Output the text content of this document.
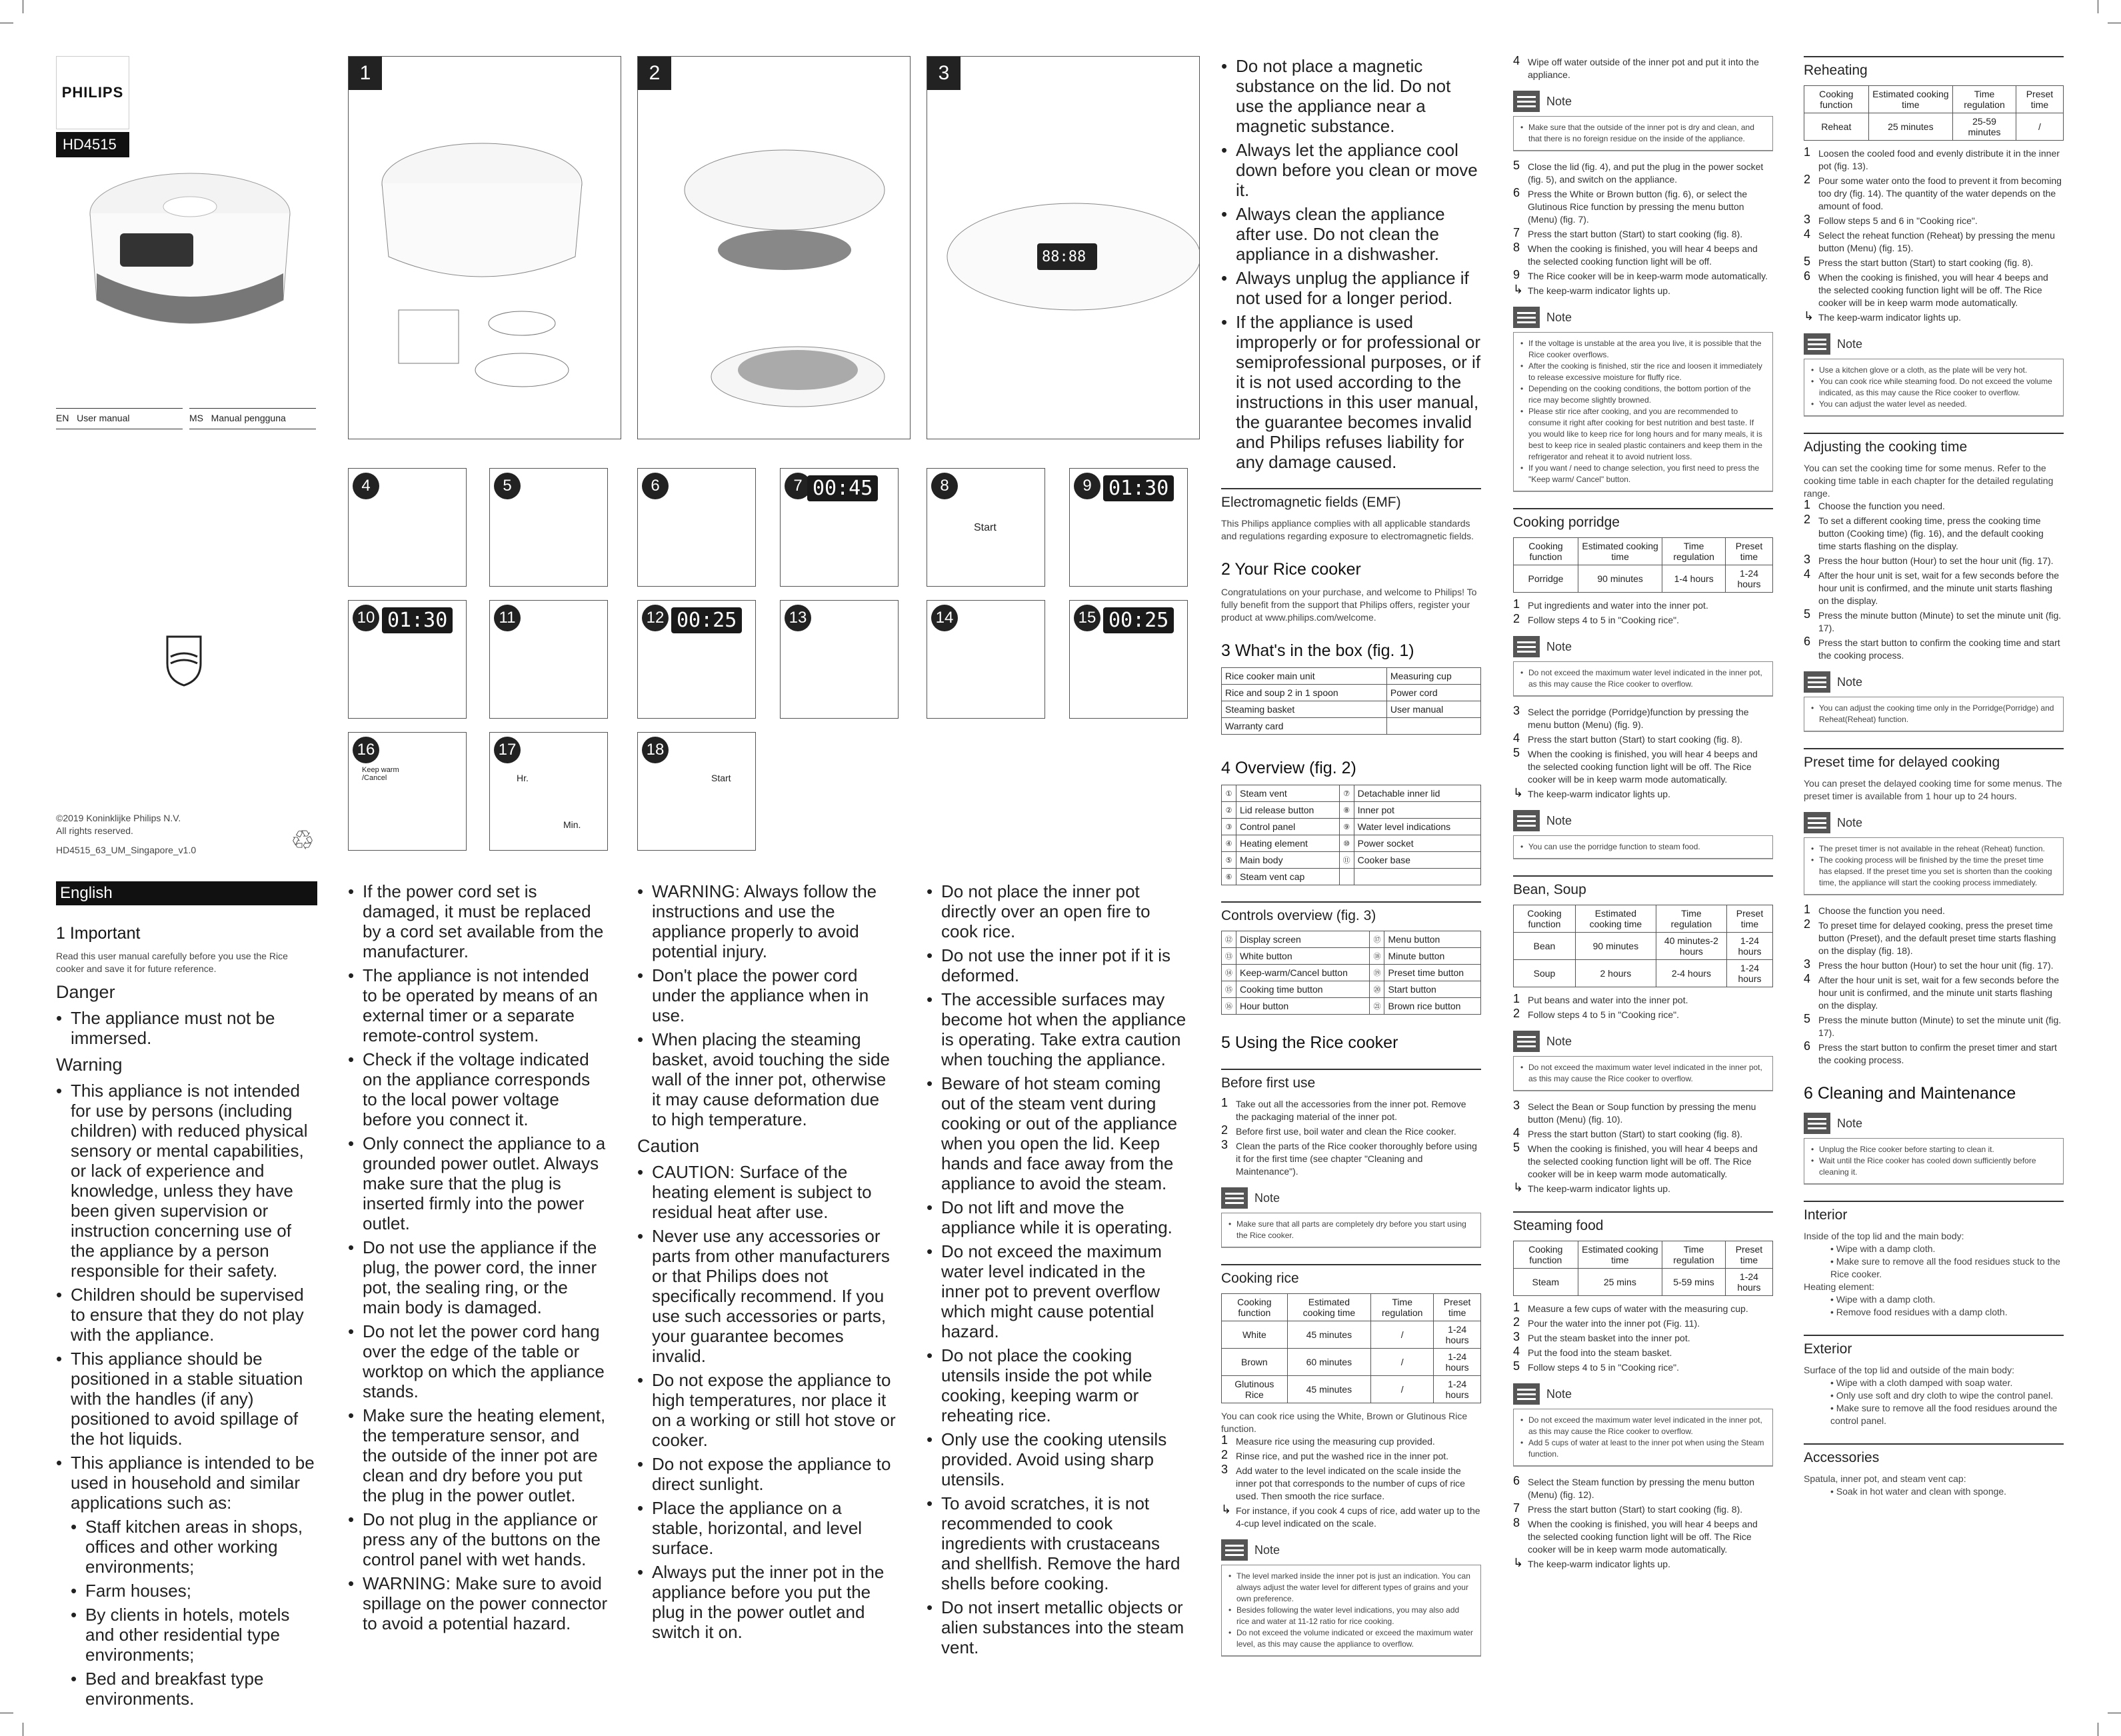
PHILIPS
HD4515
EN User manual	MS Manual pengguna
©2019 Koninklijke Philips N.V.
All rights reserved.
HD4515_63_UM_Singapore_v1.0	♲
1	2	3
88:88
4	5	6	7 00:45	8
Start
9 01:30
10 01:30	11	12 00:25	13	14	15 00:25
16
Keep warm /Cancel
17
Hr.
Min.
18
Start
English
1 Important
Read this user manual carefully before you use the Rice cooker and save it for future reference.
Danger
• The appliance must not be immersed.
Warning
• This appliance is not intended for use by persons (including children) with reduced physical sensory or mental capabilities, or lack of experience and knowledge, unless they have been given supervision or instruction concerning use of the appliance by a person responsible for their safety.
• Children should be supervised to ensure that they do not play with the appliance.
• This appliance should be positioned in a stable situation with the handles (if any) positioned to avoid spillage of the hot liquids.
• This appliance is intended to be used in household and similar applications such as:
• Staff kitchen areas in shops, offices and other working environments;
• Farm houses;
• By clients in hotels, motels and other residential type environments;
• Bed and breakfast type environments.
• If the power cord set is damaged, it must be replaced by a cord set available from the manufacturer.
• The appliance is not intended to be operated by means of an external timer or a separate remote-control system.
• Check if the voltage indicated on the appliance corresponds to the local power voltage before you connect it.
• Only connect the appliance to a grounded power outlet. Always make sure that the plug is inserted firmly into the power outlet.
• Do not use the appliance if the plug, the power cord, the inner pot, the sealing ring, or the main body is damaged.
• Do not let the power cord hang over the edge of the table or worktop on which the appliance stands.
• Make sure the heating element, the temperature sensor, and the outside of the inner pot are clean and dry before you put the plug in the power outlet.
• Do not plug in the appliance or press any of the buttons on the control panel with wet hands.
• WARNING: Make sure to avoid spillage on the power connector to avoid a potential hazard.
• WARNING: Always follow the instructions and use the appliance properly to avoid potential injury.
• Don't place the power cord under the appliance when in use.
• When placing the steaming basket, avoid touching the side wall of the inner pot, otherwise it may cause deformation due to high temperature.
Caution
• CAUTION: Surface of the heating element is subject to residual heat after use.
• Never use any accessories or parts from other manufacturers or that Philips does not specifically recommend. If you use such accessories or parts, your guarantee becomes invalid.
• Do not expose the appliance to high temperatures, nor place it on a working or still hot stove or cooker.
• Do not expose the appliance to direct sunlight.
• Place the appliance on a stable, horizontal, and level surface.
• Always put the inner pot in the appliance before you put the plug in the power outlet and switch it on.
• Do not place the inner pot directly over an open fire to cook rice.
• Do not use the inner pot if it is deformed.
• The accessible surfaces may become hot when the appliance is operating. Take extra caution when touching the appliance.
• Beware of hot steam coming out of the steam vent during cooking or out of the appliance when you open the lid. Keep hands and face away from the appliance to avoid the steam.
• Do not lift and move the appliance while it is operating.
• Do not exceed the maximum water level indicated in the inner pot to prevent overflow which might cause potential hazard.
• Do not place the cooking utensils inside the pot while cooking, keeping warm or reheating rice.
• Only use the cooking utensils provided. Avoid using sharp utensils.
• To avoid scratches, it is not recommended to cook ingredients with crustaceans and shellfish. Remove the hard shells before cooking.
• Do not insert metallic objects or alien substances into the steam vent.
• Do not place a magnetic substance on the lid. Do not use the appliance near a magnetic substance.
• Always let the appliance cool down before you clean or move it.
• Always clean the appliance after use. Do not clean the appliance in a dishwasher.
• Always unplug the appliance if not used for a longer period.
• If the appliance is used improperly or for professional or semiprofessional purposes, or if it is not used according to the instructions in this user manual, the guarantee becomes invalid and Philips refuses liability for any damage caused.
Electromagnetic fields (EMF)
This Philips appliance complies with all applicable standards and regulations regarding exposure to electromagnetic fields.
2 Your Rice cooker
Congratulations on your purchase, and welcome to Philips! To fully benefit from the support that Philips offers, register your product at www.philips.com/welcome.
3 What's in the box (fig. 1)
Rice cooker main unit	Measuring cup
Rice and soup 2 in 1 spoon	Power cord
Steaming basket	User manual
Warranty card	
4 Overview (fig. 2)
①	Steam vent	⑦	Detachable inner lid
②	Lid release button	⑧	Inner pot
③	Control panel	⑨	Water level indications
④	Heating element	⑩	Power socket
⑤	Main body	⑪	Cooker base
⑥	Steam vent cap		
Controls overview (fig. 3)
⑫	Display screen	⑰	Menu button
⑬	White button	⑱	Minute button
⑭	Keep-warm/Cancel button	⑲	Preset time button
⑮	Cooking time button	⑳	Start button
⑯	Hour button	㉑	Brown rice button
5 Using the Rice cooker
Before first use
1 Take out all the accessories from the inner pot. Remove the packaging material of the inner pot.
2 Before first use, boil water and clean the Rice cooker.
3 Clean the parts of the Rice cooker thoroughly before using it for the first time (see chapter "Cleaning and Maintenance").
Note
• Make sure that all parts are completely dry before you start using the Rice cooker.
Cooking rice
Cooking function	Estimated cooking time	Time regulation	Preset time
White	45 minutes	/	1-24 hours
Brown	60 minutes	/	1-24 hours
Glutinous Rice	45 minutes	/	1-24 hours
You can cook rice using the White, Brown or Glutinous Rice function.
1 Measure rice using the measuring cup provided.
2 Rinse rice, and put the washed rice in the inner pot.
3 Add water to the level indicated on the scale inside the inner pot that corresponds to the number of cups of rice used. Then smooth the rice surface.
↳ For instance, if you cook 4 cups of rice, add water up to the 4-cup level indicated on the scale.
Note
• The level marked inside the inner pot is just an indication. You can always adjust the water level for different types of grains and your own preference.
• Besides following the water level indications, you may also add rice and water at 11-12 ratio for rice cooking.
• Do not exceed the volume indicated or exceed the maximum water level, as this may cause the appliance to overflow.
4 Wipe off water outside of the inner pot and put it into the appliance.
Note
• Make sure that the outside of the inner pot is dry and clean, and that there is no foreign residue on the inside of the appliance.
5 Close the lid (fig. 4), and put the plug in the power socket (fig. 5), and switch on the appliance.
6 Press the White or Brown button (fig. 6), or select the Glutinous Rice function by pressing the menu button (Menu) (fig. 7).
7 Press the start button (Start) to start cooking (fig. 8).
8 When the cooking is finished, you will hear 4 beeps and the selected cooking function light will be off.
9 The Rice cooker will be in keep-warm mode automatically.
↳ The keep-warm indicator lights up.
Note
• If the voltage is unstable at the area you live, it is possible that the Rice cooker overflows.
• After the cooking is finished, stir the rice and loosen it immediately to release excessive moisture for fluffy rice.
• Depending on the cooking conditions, the bottom portion of the rice may become slightly browned.
• Please stir rice after cooking, and you are recommended to consume it right after cooking for best nutrition and best taste. If you would like to keep rice for long hours and for many meals, it is best to keep rice in sealed plastic containers and keep them in the refrigerator and reheat it to avoid nutrient loss.
• If you want / need to change selection, you first need to press the "Keep warm/ Cancel" button.
Cooking porridge
Cooking function	Estimated cooking time	Time regulation	Preset time
Porridge	90 minutes	1-4 hours	1-24 hours
1 Put ingredients and water into the inner pot.
2 Follow steps 4 to 5 in "Cooking rice".
Note
• Do not exceed the maximum water level indicated in the inner pot, as this may cause the Rice cooker to overflow.
3 Select the porridge (Porridge)function by pressing the menu button (Menu) (fig. 9).
4 Press the start button (Start) to start cooking (fig. 8).
5 When the cooking is finished, you will hear 4 beeps and the selected cooking function light will be off. The Rice cooker will be in keep warm mode automatically.
↳ The keep-warm indicator lights up.
Note
• You can use the porridge function to steam food.
Bean, Soup
Cooking function	Estimated cooking time	Time regulation	Preset time
Bean	90 minutes	40 minutes-2 hours	1-24 hours
Soup	2 hours	2-4 hours	1-24 hours
1 Put beans and water into the inner pot.
2 Follow steps 4 to 5 in "Cooking rice".
Note
• Do not exceed the maximum water level indicated in the inner pot, as this may cause the Rice cooker to overflow.
3 Select the Bean or Soup function by pressing the menu button (Menu) (fig. 10).
4 Press the start button (Start) to start cooking (fig. 8).
5 When the cooking is finished, you will hear 4 beeps and the selected cooking function light will be off. The Rice cooker will be in keep warm mode automatically.
↳ The keep-warm indicator lights up.
Steaming food
Cooking function	Estimated cooking time	Time regulation	Preset time
Steam	25 mins	5-59 mins	1-24 hours
1 Measure a few cups of water with the measuring cup.
2 Pour the water into the inner pot (Fig. 11).
3 Put the steam basket into the inner pot.
4 Put the food into the steam basket.
5 Follow steps 4 to 5 in "Cooking rice".
Note
• Do not exceed the maximum water level indicated in the inner pot, as this may cause the Rice cooker to overflow.
• Add 5 cups of water at least to the inner pot when using the Steam function.
6 Select the Steam function by pressing the menu button (Menu) (fig. 12).
7 Press the start button (Start) to start cooking (fig. 8).
8 When the cooking is finished, you will hear 4 beeps and the selected cooking function light will be off. The Rice cooker will be in keep warm mode automatically.
↳ The keep-warm indicator lights up.
Reheating
Cooking function	Estimated cooking time	Time regulation	Preset time
Reheat	25 minutes	25-59 minutes	/
1 Loosen the cooled food and evenly distribute it in the inner pot (fig. 13).
2 Pour some water onto the food to prevent it from becoming too dry (fig. 14). The quantity of the water depends on the amount of food.
3 Follow steps 5 and 6 in "Cooking rice".
4 Select the reheat function (Reheat) by pressing the menu button (Menu) (fig. 15).
5 Press the start button (Start) to start cooking (fig. 8).
6 When the cooking is finished, you will hear 4 beeps and the selected cooking function light will be off. The Rice cooker will be in keep warm mode automatically.
↳ The keep-warm indicator lights up.
Note
• Use a kitchen glove or a cloth, as the plate will be very hot.
• You can cook rice while steaming food. Do not exceed the volume indicated, as this may cause the Rice cooker to overflow.
• You can adjust the water level as needed.
Adjusting the cooking time
You can set the cooking time for some menus. Refer to the cooking time table in each chapter for the detailed regulating range.
1 Choose the function you need.
2 To set a different cooking time, press the cooking time button (Cooking time) (fig. 16), and the default cooking time starts flashing on the display.
3 Press the hour button (Hour) to set the hour unit (fig. 17).
4 After the hour unit is set, wait for a few seconds before the hour unit is confirmed, and the minute unit starts flashing on the display.
5 Press the minute button (Minute) to set the minute unit (fig. 17).
6 Press the start button to confirm the cooking time and start the cooking process.
Note
• You can adjust the cooking time only in the Porridge(Porridge) and Reheat(Reheat) function.
Preset time for delayed cooking
You can preset the delayed cooking time for some menus. The preset timer is available from 1 hour up to 24 hours.
Note
• The preset timer is not available in the reheat (Reheat) function.
• The cooking process will be finished by the time the preset time has elapsed. If the preset time you set is shorten than the cooking time, the appliance will start the cooking process immediately.
1 Choose the function you need.
2 To preset time for delayed cooking, press the preset time button (Preset), and the default preset time starts flashing on the display (fig. 18).
3 Press the hour button (Hour) to set the hour unit (fig. 17).
4 After the hour unit is set, wait for a few seconds before the hour unit is confirmed, and the minute unit starts flashing on the display.
5 Press the minute button (Minute) to set the minute unit (fig. 17).
6 Press the start button to confirm the preset timer and start the cooking process.
6 Cleaning and Maintenance
Note
• Unplug the Rice cooker before starting to clean it.
• Wait until the Rice cooker has cooled down sufficiently before cleaning it.
Interior
Inside of the top lid and the main body:
• Wipe with a damp cloth.
• Make sure to remove all the food residues stuck to the Rice cooker.
Heating element:
• Wipe with a damp cloth.
• Remove food residues with a damp cloth.
Exterior
Surface of the top lid and outside of the main body:
• Wipe with a cloth damped with soap water.
• Only use soft and dry cloth to wipe the control panel.
• Make sure to remove all the food residues around the control panel.
Accessories
Spatula, inner pot, and steam vent cap:
• Soak in hot water and clean with sponge.
